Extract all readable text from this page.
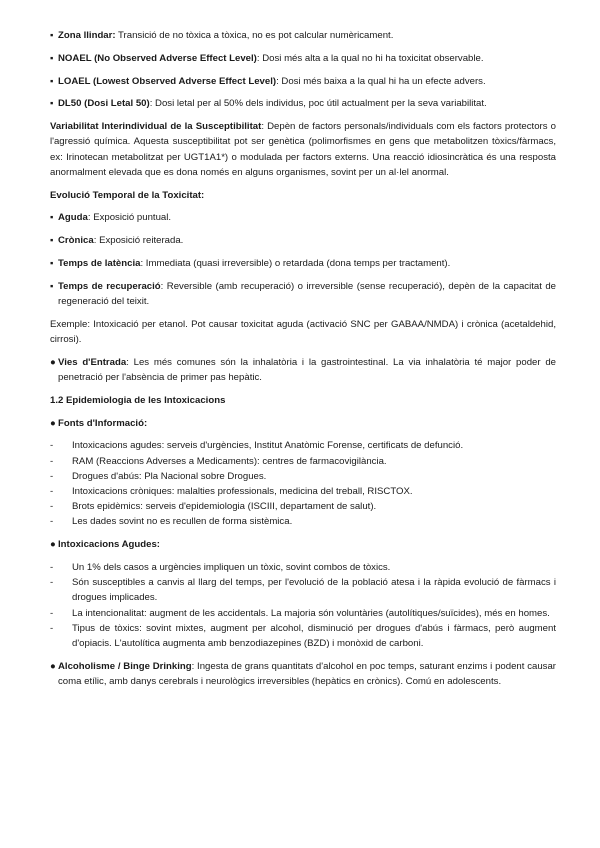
▪ Zona llindar: Transició de no tòxica a tòxica, no es pot calcular numèricament.

▪ NOAEL (No Observed Adverse Effect Level): Dosi més alta a la qual no hi ha toxicitat observable.

▪ LOAEL (Lowest Observed Adverse Effect Level): Dosi més baixa a la qual hi ha un efecte advers.

▪ DL50 (Dosi Letal 50): Dosi letal per al 50% dels individus, poc útil actualment per la seva variabilitat.

Variabilitat Interindividual de la Susceptibilitat: Depèn de factors personals/individuals com els factors protectors o l'agressió química. Aquesta susceptibilitat pot ser genètica (polimorfismes en gens que metabolitzen tòxics/fàrmacs, ex: Irinotecan metabolitzat per UGT1A1*) o modulada per factors externs. Una reacció idiosincràtica és una resposta anormalment elevada que es dona només en alguns organismes, sovint per un al·lel anormal.

Evolució Temporal de la Toxicitat:

▪ Aguda: Exposició puntual.

▪ Crònica: Exposició reiterada.

▪ Temps de latència: Immediata (quasi irreversible) o retardada (dona temps per tractament).

▪ Temps de recuperació: Reversible (amb recuperació) o irreversible (sense recuperació), depèn de la capacitat de regeneració del teixit.

Exemple: Intoxicació per etanol. Pot causar toxicitat aguda (activació SNC per GABAA/NMDA) i crònica (acetaldehid, cirrosi).

● Vies d'Entrada: Les més comunes són la inhalatòria i la gastrointestinal. La via inhalatòria té major poder de penetració per l'absència de primer pas hepàtic.

1.2 Epidemiologia de les Intoxicacions

● Fonts d'Informació:

- Intoxicacions agudes: serveis d'urgències, Institut Anatòmic Forense, certificats de defunció.

- RAM (Reaccions Adverses a Medicaments): centres de farmacovigilància.

- Drogues d'abús: Pla Nacional sobre Drogues.

- Intoxicacions cròniques: malalties professionals, medicina del treball, RISCTOX.

- Brots epidèmics: serveis d'epidemiologia (ISCIII, departament de salut).

- Les dades sovint no es recullen de forma sistèmica.

● Intoxicacions Agudes:

- Un 1% dels casos a urgències impliquen un tòxic, sovint combos de tòxics.

- Són susceptibles a canvis al llarg del temps, per l'evolució de la població atesa i la ràpida evolució de fàrmacs i drogues implicades.

- La intencionalitat: augment de les accidentals. La majoria són voluntàries (autolítiques/suïcides), més en homes.

- Tipus de tòxics: sovint mixtes, augment per alcohol, disminució per drogues d'abús i fàrmacs, però augment d'opiacis. L'autolítica augmenta amb benzodiazepines (BZD) i monòxid de carboni.

● Alcoholisme / Binge Drinking: Ingesta de grans quantitats d'alcohol en poc temps, saturant enzims i podent causar coma etílic, amb danys cerebrals i neurològics irreversibles (hepàtics en crònics). Comú en adolescents.
